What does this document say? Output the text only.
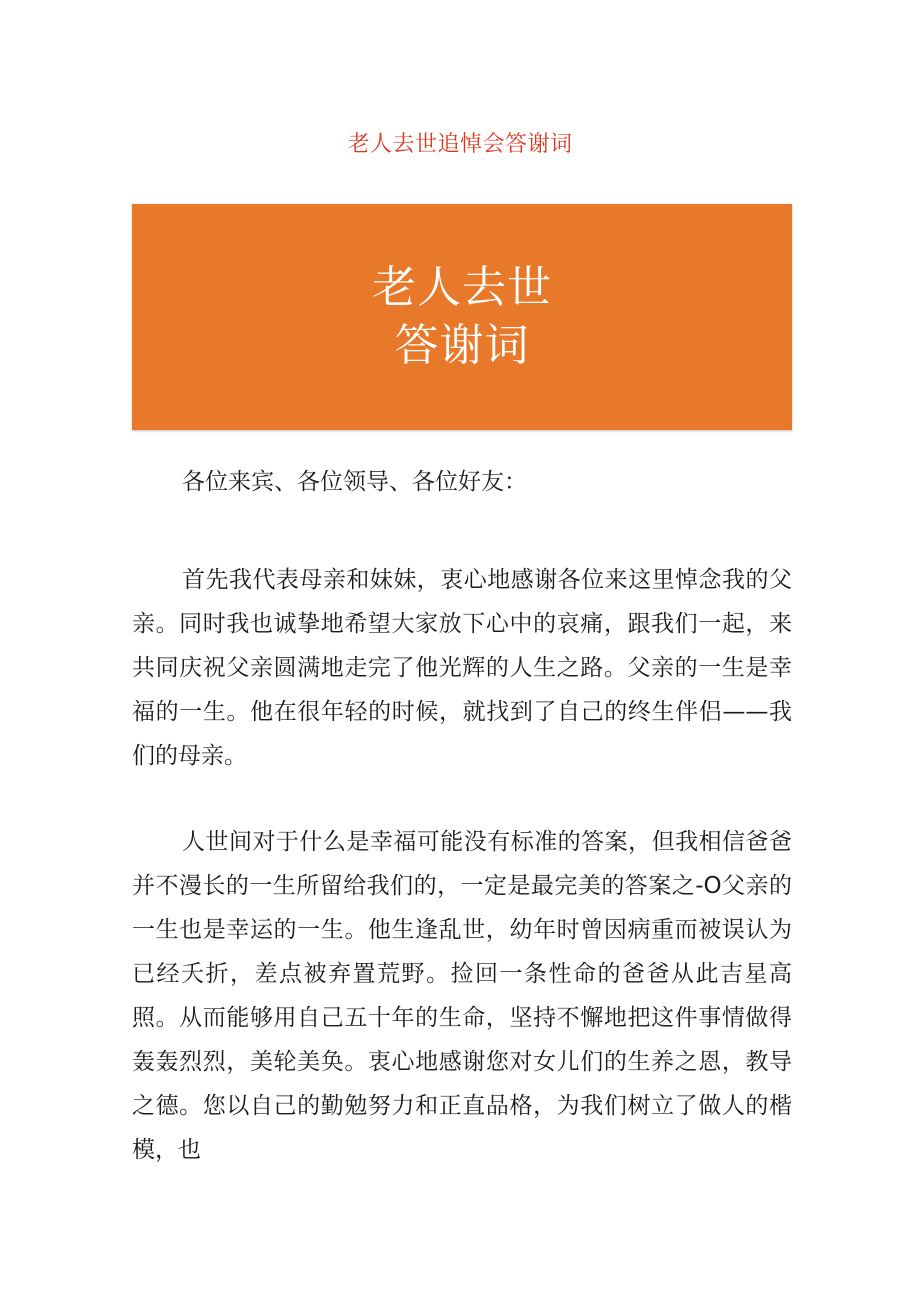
老人去世追悼会答谢词
老人去世
答谢词

各位来宾、各位领导、各位好友：

首先我代表母亲和妹妹，衷心地感谢各位来这里悼念我的父亲。同时我也诚挚地希望大家放下心中的哀痛，跟我们一起，来共同庆祝父亲圆满地走完了他光辉的人生之路。父亲的一生是幸福的一生。他在很年轻的时候，就找到了自己的终生伴侣——我们的母亲。

人世间对于什么是幸福可能没有标准的答案，但我相信爸爸并不漫长的一生所留给我们的，一定是最完美的答案之-O父亲的一生也是幸运的一生。他生逢乱世，幼年时曾因病重而被误认为已经夭折，差点被弃置荒野。捡回一条性命的爸爸从此吉星高照。从而能够用自己五十年的生命，坚持不懈地把这件事情做得轰轰烈烈，美轮美奂。衷心地感谢您对女儿们的生养之恩，教导之德。您以自己的勤勉努力和正直品格，为我们树立了做人的楷模，也
